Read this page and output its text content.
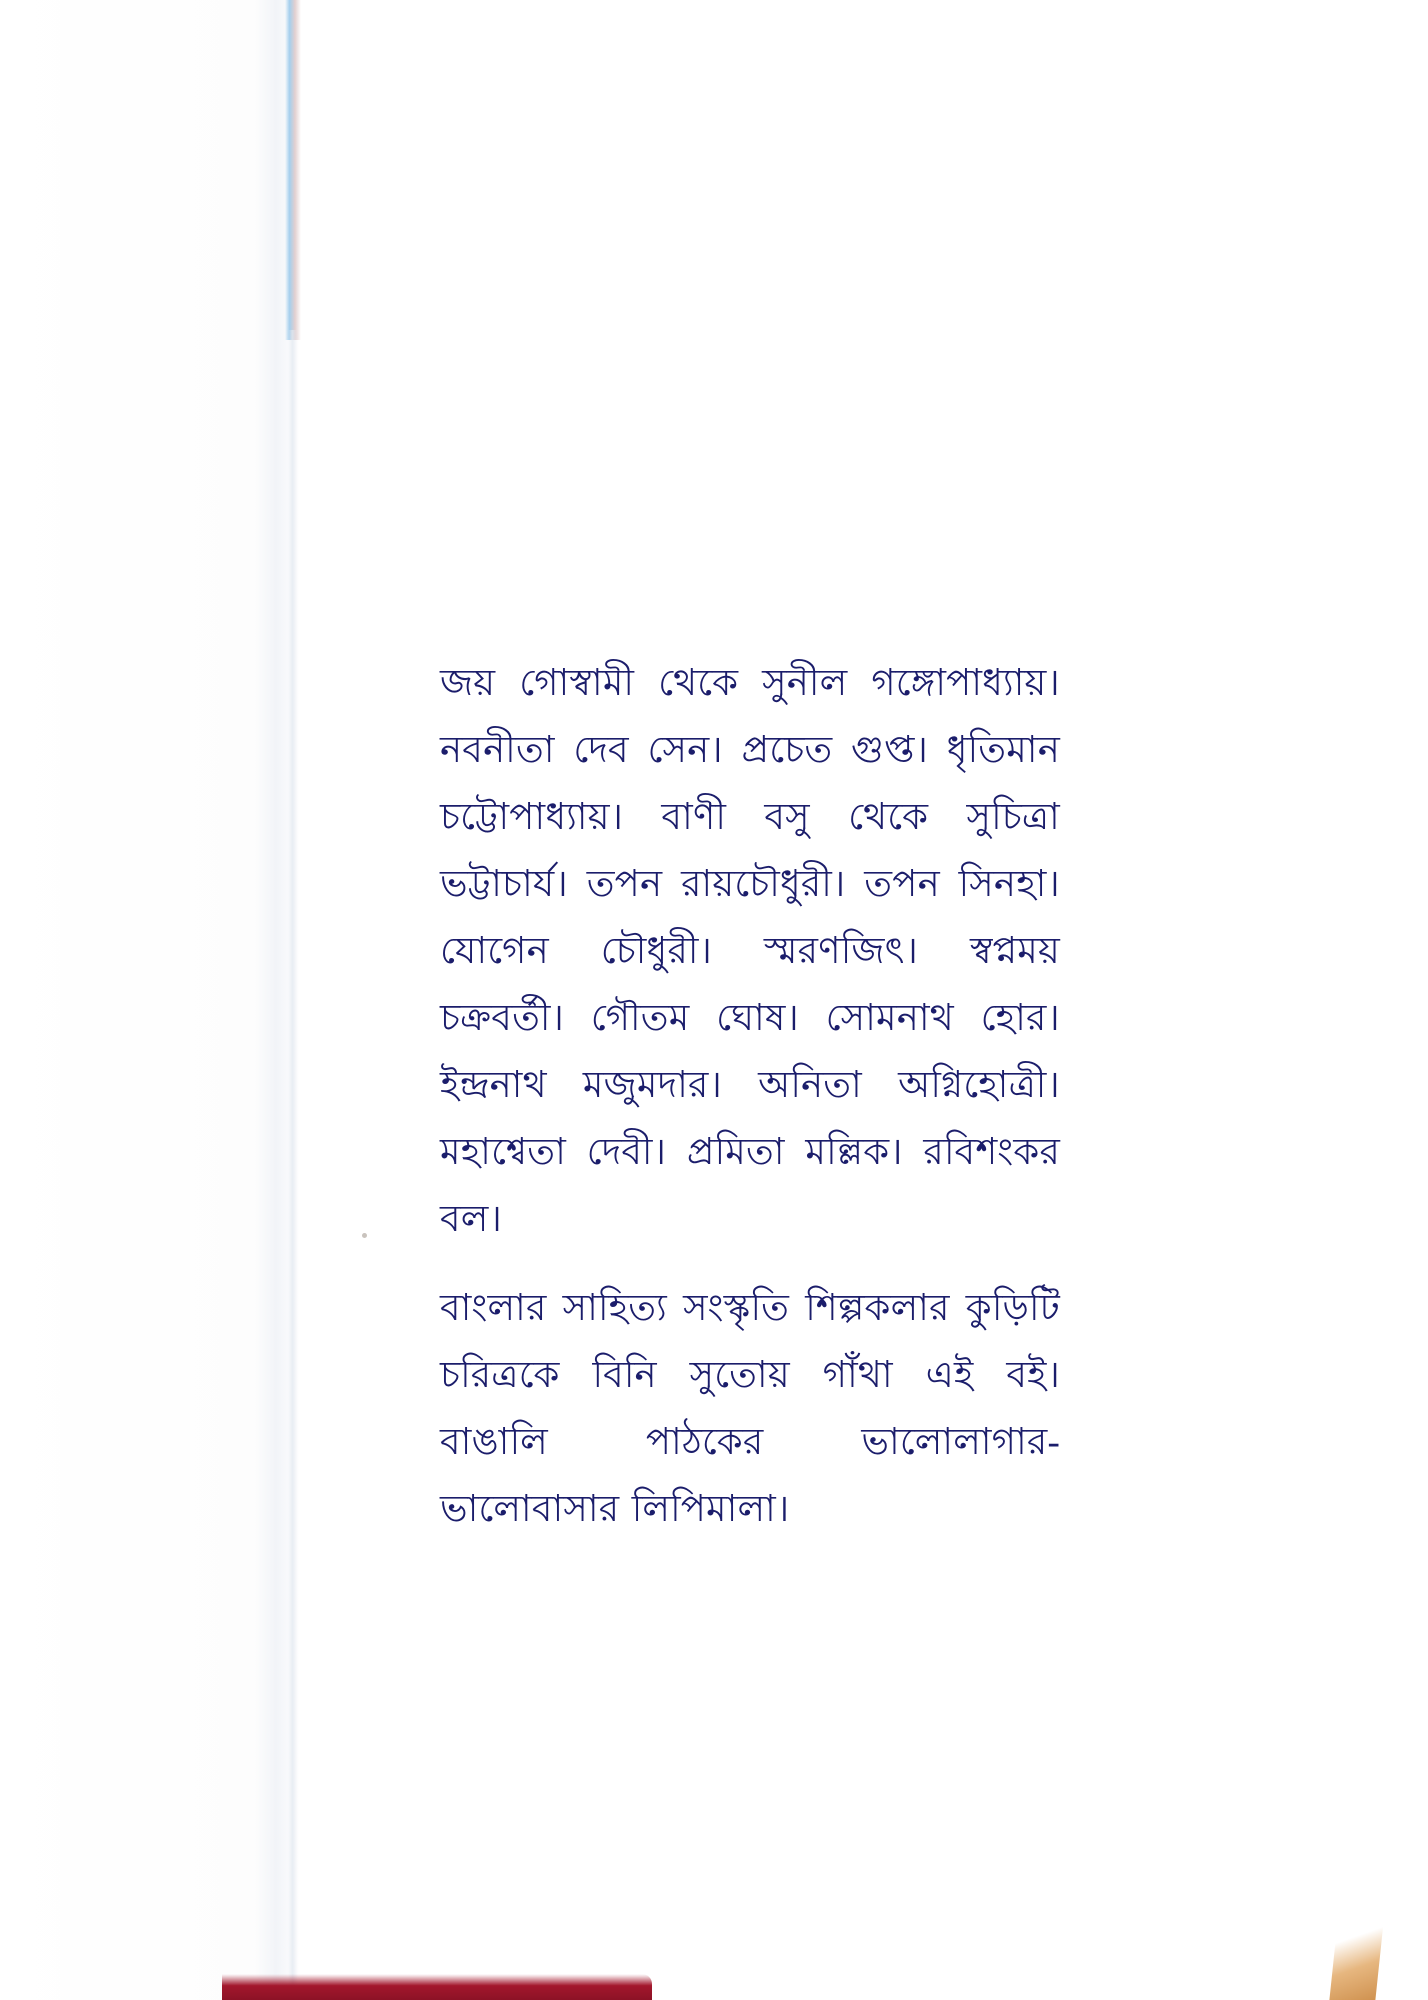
জয় গোস্বামী থেকে সুনীল গঙ্গোপাধ্যায়। নবনীতা দেব সেন। প্রচেত গুপ্ত। ধৃতিমান চট্টোপাধ্যায়। বাণী বসু থেকে সুচিত্রা ভট্টাচার্য। তপন রায়চৌধুরী। তপন সিনহা। যোগেন চৌধুরী। স্মরণজিৎ। স্বপ্নময় চক্রবর্তী। গৌতম ঘোষ। সোমনাথ হোর। ইন্দ্রনাথ মজুমদার। অনিতা অগ্নিহোত্রী। মহাশ্বেতা দেবী। প্রমিতা মল্লিক। রবিশংকর বল।

বাংলার সাহিত্য সংস্কৃতি শিল্পকলার কুড়িটি চরিত্রকে বিনি সুতোয় গাঁথা এই বই। বাঙালি পাঠকের ভালোলাগার-ভালোবাসার লিপিমালা।
